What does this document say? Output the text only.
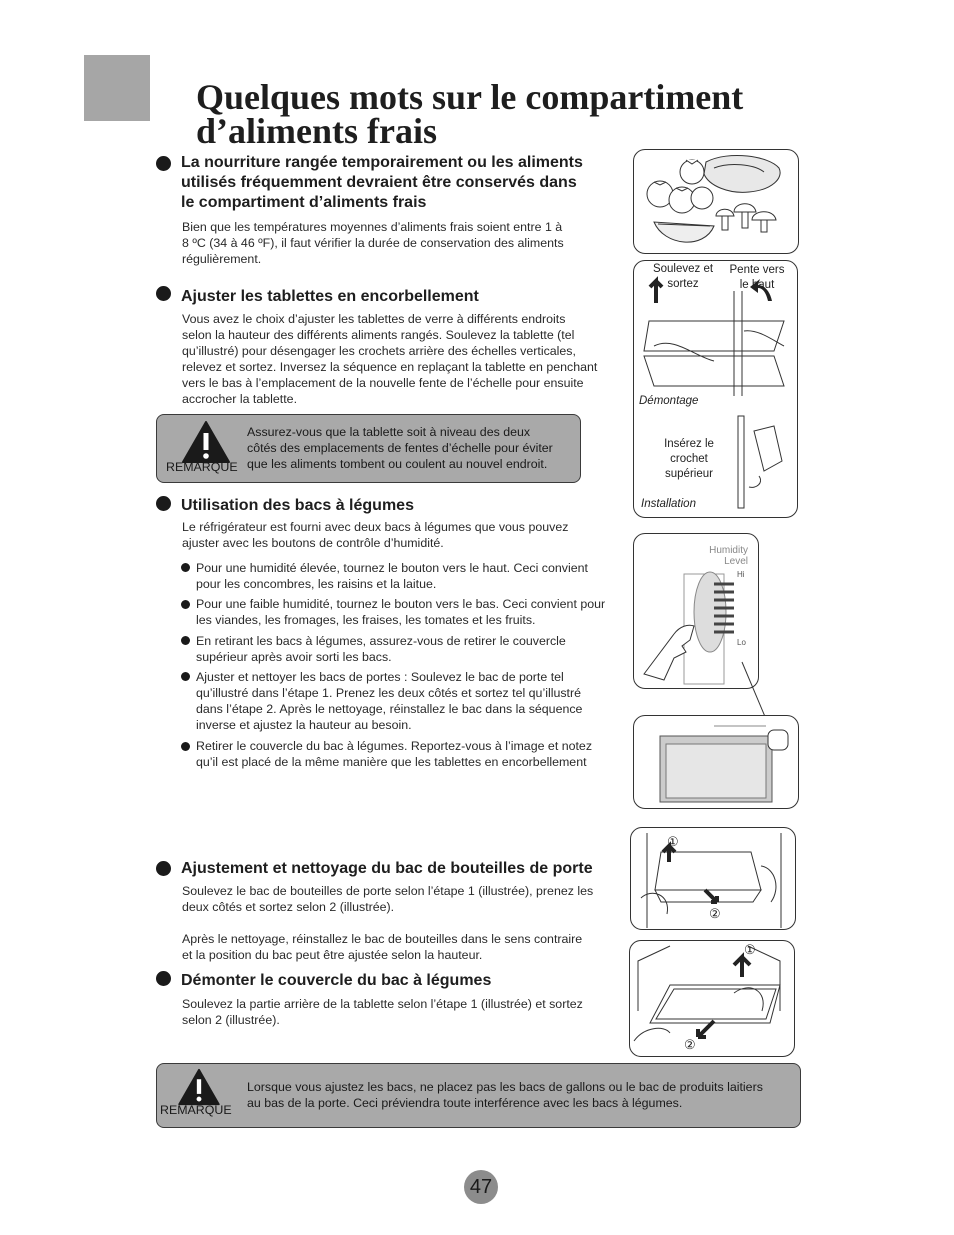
Quelques mots sur le compartiment
d’aliments frais
La nourriture rangée temporairement ou les aliments
utilisés fréquemment devraient être conservés dans
le compartiment d’aliments frais
Bien que les températures moyennes d’aliments frais soient entre 1 à
8 ºC (34 à 46 ºF), il faut vérifier la durée de conservation des aliments
régulièrement.
Ajuster les tablettes en encorbellement
Vous avez le choix d’ajuster les tablettes de verre à différents endroits
selon la hauteur des différents aliments rangés. Soulevez la tablette (tel
qu’illustré) pour désengager les crochets arrière des échelles verticales,
relevez et sortez. Inversez la séquence en replaçant la tablette en penchant
vers le bas à l’emplacement de la nouvelle fente de l’échelle pour ensuite
accrocher la tablette.
REMARQUE
Assurez-vous que la tablette soit à niveau des deux
côtés des emplacements de fentes d’échelle pour éviter
que les aliments tombent ou coulent au nouvel endroit.
Utilisation des bacs à légumes
Le réfrigérateur est fourni avec deux bacs à légumes que vous pouvez
ajuster avec les boutons de contrôle d’humidité.
Pour une humidité élevée, tournez le bouton vers le haut. Ceci convient
pour les concombres, les raisins et la laitue.
Pour une faible humidité, tournez le bouton vers le bas. Ceci convient pour
les viandes, les fromages, les fraises, les tomates et les fruits.
En retirant les bacs à légumes, assurez-vous de retirer le couvercle
supérieur après avoir sorti les bacs.
Ajuster et nettoyer les bacs de portes : Soulevez le bac de porte tel
qu’illustré dans l’étape 1. Prenez les deux côtés et sortez tel qu’illustré
dans l’étape 2. Après le nettoyage, réinstallez le bac dans la séquence
inverse et ajustez la hauteur au besoin.
Retirer le couvercle du bac à légumes. Reportez-vous à l’image et notez
qu’il est placé de la même manière que les tablettes en encorbellement
Ajustement et nettoyage du bac de bouteilles de porte
Soulevez le bac de bouteilles de porte selon l’étape 1 (illustrée), prenez les
deux côtés et sortez selon 2 (illustrée).
Après le nettoyage, réinstallez le bac de bouteilles dans le sens contraire
et la position du bac peut être ajustée selon la hauteur.
Démonter le couvercle du bac à légumes
Soulevez la partie arrière de la tablette selon l’étape 1 (illustrée) et sortez
selon 2 (illustrée).
REMARQUE
Lorsque vous ajustez les bacs, ne placez pas les bacs de gallons ou le bac de produits laitiers
au bas de la porte. Ceci préviendra toute interférence avec les bacs à légumes.
Soulevez et
sortez
Pente vers
le haut
Démontage
Insérez le
crochet
supérieur
Installation
Humidity
Level
Hi
Lo
①
②
①
②
47
